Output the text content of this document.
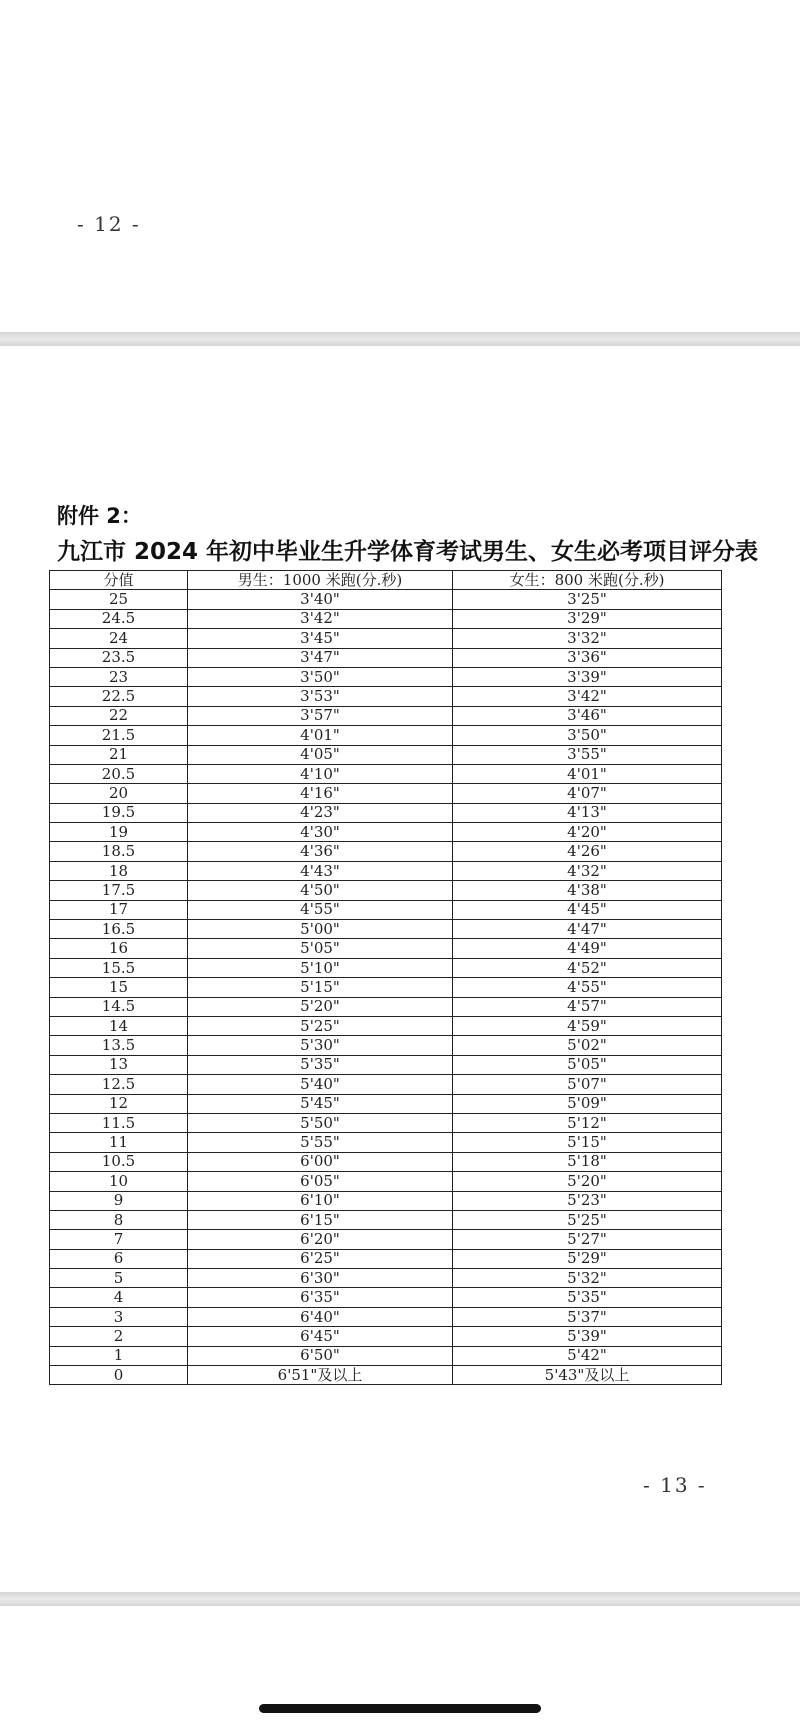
- 12 -
附件 2：
九江市 2024 年初中毕业生升学体育考试男生、女生必考项目评分表
分值	男生：1000 米跑(分.秒)	女生：800 米跑(分.秒)
25	3'40"	3'25"
24.5	3'42"	3'29"
24	3'45"	3'32"
23.5	3'47"	3'36"
23	3'50"	3'39"
22.5	3'53"	3'42"
22	3'57"	3'46"
21.5	4'01"	3'50"
21	4'05"	3'55"
20.5	4'10"	4'01"
20	4'16"	4'07"
19.5	4'23"	4'13"
19	4'30"	4'20"
18.5	4'36"	4'26"
18	4'43"	4'32"
17.5	4'50"	4'38"
17	4'55"	4'45"
16.5	5'00"	4'47"
16	5'05"	4'49"
15.5	5'10"	4'52"
15	5'15"	4'55"
14.5	5'20"	4'57"
14	5'25"	4'59"
13.5	5'30"	5'02"
13	5'35"	5'05"
12.5	5'40"	5'07"
12	5'45"	5'09"
11.5	5'50"	5'12"
11	5'55"	5'15"
10.5	6'00"	5'18"
10	6'05"	5'20"
9	6'10"	5'23"
8	6'15"	5'25"
7	6'20"	5'27"
6	6'25"	5'29"
5	6'30"	5'32"
4	6'35"	5'35"
3	6'40"	5'37"
2	6'45"	5'39"
1	6'50"	5'42"
0	6'51"及以上	5'43"及以上
- 13 -
